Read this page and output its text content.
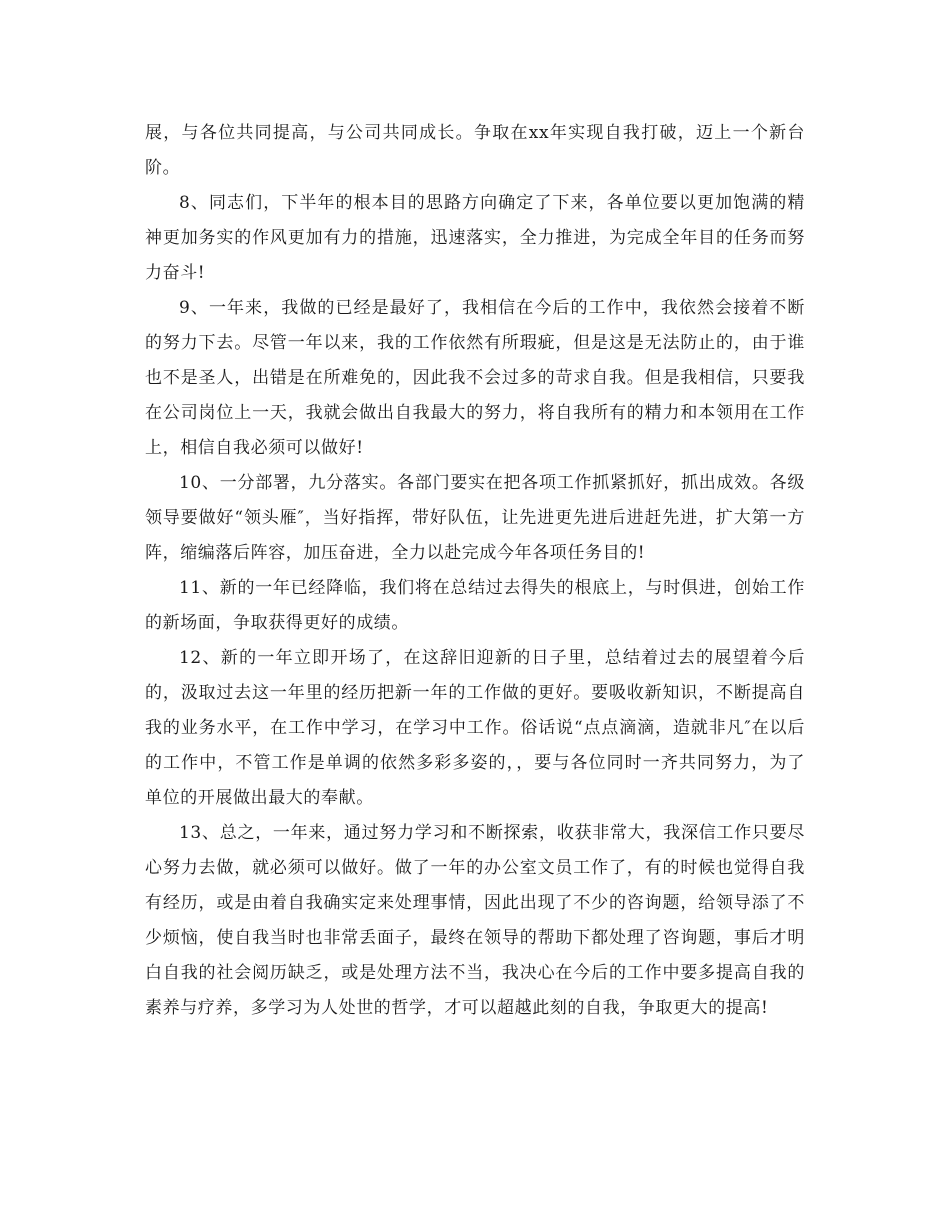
展，与各位共同提高，与公司共同成长。争取在xx年实现自我打破，迈上一个新台阶。

8、同志们，下半年的根本目的思路方向确定了下来，各单位要以更加饱满的精神更加务实的作风更加有力的措施，迅速落实，全力推进，为完成全年目的任务而努力奋斗!

9、一年来，我做的已经是最好了，我相信在今后的工作中，我依然会接着不断的努力下去。尽管一年以来，我的工作依然有所瑕疵，但是这是无法防止的，由于谁也不是圣人，出错是在所难免的，因此我不会过多的苛求自我。但是我相信，只要我在公司岗位上一天，我就会做出自我最大的努力，将自我所有的精力和本领用在工作上，相信自我必须可以做好!

10、一分部署，九分落实。各部门要实在把各项工作抓紧抓好，抓出成效。各级领导要做好“领头雁″，当好指挥，带好队伍，让先进更先进后进赶先进，扩大第一方阵，缩编落后阵容，加压奋进，全力以赴完成今年各项任务目的!

11、新的一年已经降临，我们将在总结过去得失的根底上，与时俱进，创始工作的新场面，争取获得更好的成绩。

12、新的一年立即开场了，在这辞旧迎新的日子里，总结着过去的展望着今后的，汲取过去这一年里的经历把新一年的工作做的更好。要吸收新知识，不断提高自我的业务水平，在工作中学习，在学习中工作。俗话说“点点滴滴，造就非凡″在以后的工作中，不管工作是单调的依然多彩多姿的，，要与各位同时一齐共同努力，为了单位的开展做出最大的奉献。

13、总之，一年来，通过努力学习和不断探索，收获非常大，我深信工作只要尽心努力去做，就必须可以做好。做了一年的办公室文员工作了，有的时候也觉得自我有经历，或是由着自我确实定来处理事情，因此出现了不少的咨询题，给领导添了不少烦恼，使自我当时也非常丢面子，最终在领导的帮助下都处理了咨询题，事后才明白自我的社会阅历缺乏，或是处理方法不当，我决心在今后的工作中要多提高自我的素养与疗养，多学习为人处世的哲学，才可以超越此刻的自我，争取更大的提高!
